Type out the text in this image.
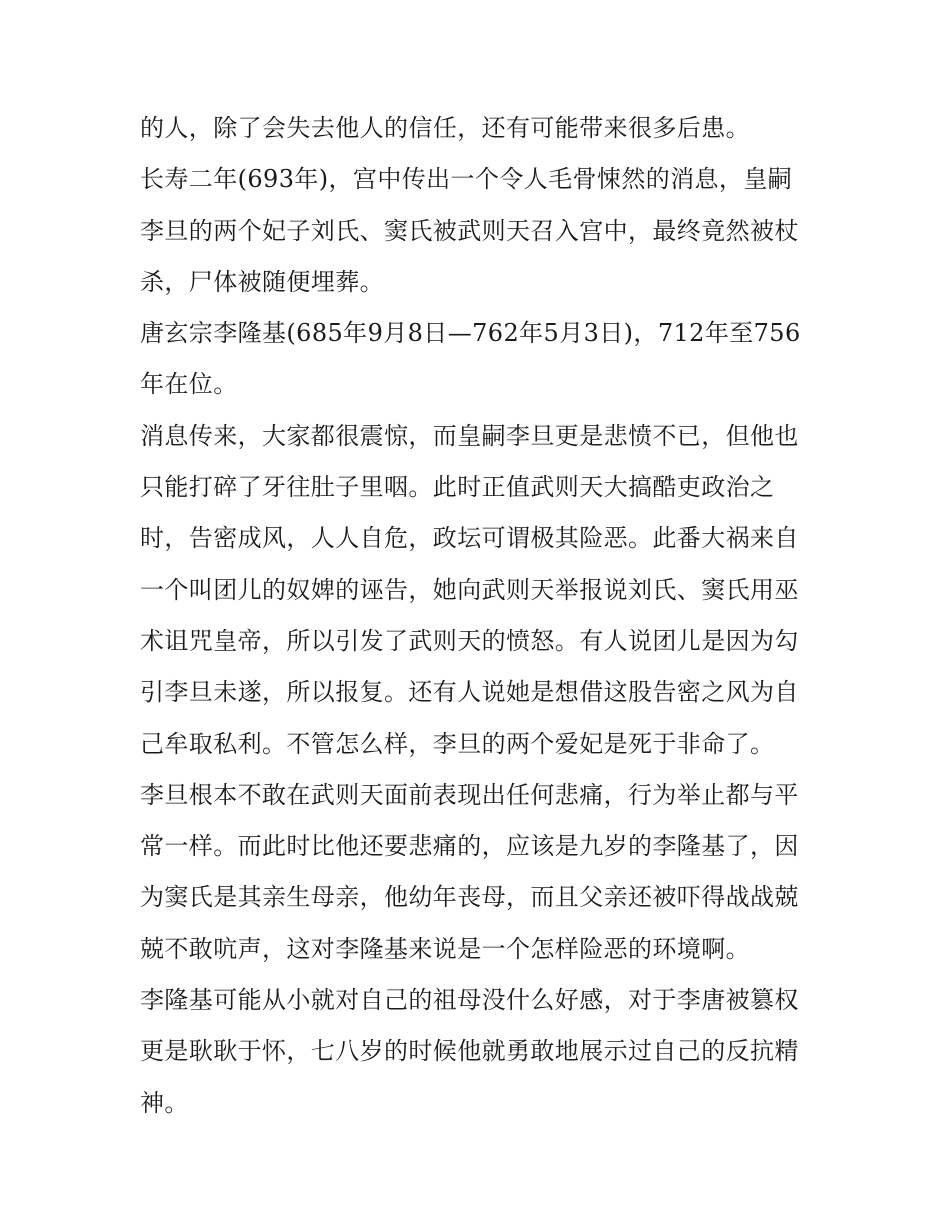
的人，除了会失去他人的信任，还有可能带来很多后患。
长寿二年(693年)，宫中传出一个令人毛骨悚然的消息，皇嗣
李旦的两个妃子刘氏、窦氏被武则天召入宫中，最终竟然被杖
杀，尸体被随便埋葬。
唐玄宗李隆基(685年9月8日—762年5月3日)，712年至756
年在位。
消息传来，大家都很震惊，而皇嗣李旦更是悲愤不已，但他也
只能打碎了牙往肚子里咽。此时正值武则天大搞酷吏政治之
时，告密成风，人人自危，政坛可谓极其险恶。此番大祸来自
一个叫团儿的奴婢的诬告，她向武则天举报说刘氏、窦氏用巫
术诅咒皇帝，所以引发了武则天的愤怒。有人说团儿是因为勾
引李旦未遂，所以报复。还有人说她是想借这股告密之风为自
己牟取私利。不管怎么样，李旦的两个爱妃是死于非命了。
李旦根本不敢在武则天面前表现出任何悲痛，行为举止都与平
常一样。而此时比他还要悲痛的，应该是九岁的李隆基了，因
为窦氏是其亲生母亲，他幼年丧母，而且父亲还被吓得战战兢
兢不敢吭声，这对李隆基来说是一个怎样险恶的环境啊。
李隆基可能从小就对自己的祖母没什么好感，对于李唐被篡权
更是耿耿于怀，七八岁的时候他就勇敢地展示过自己的反抗精
神。
